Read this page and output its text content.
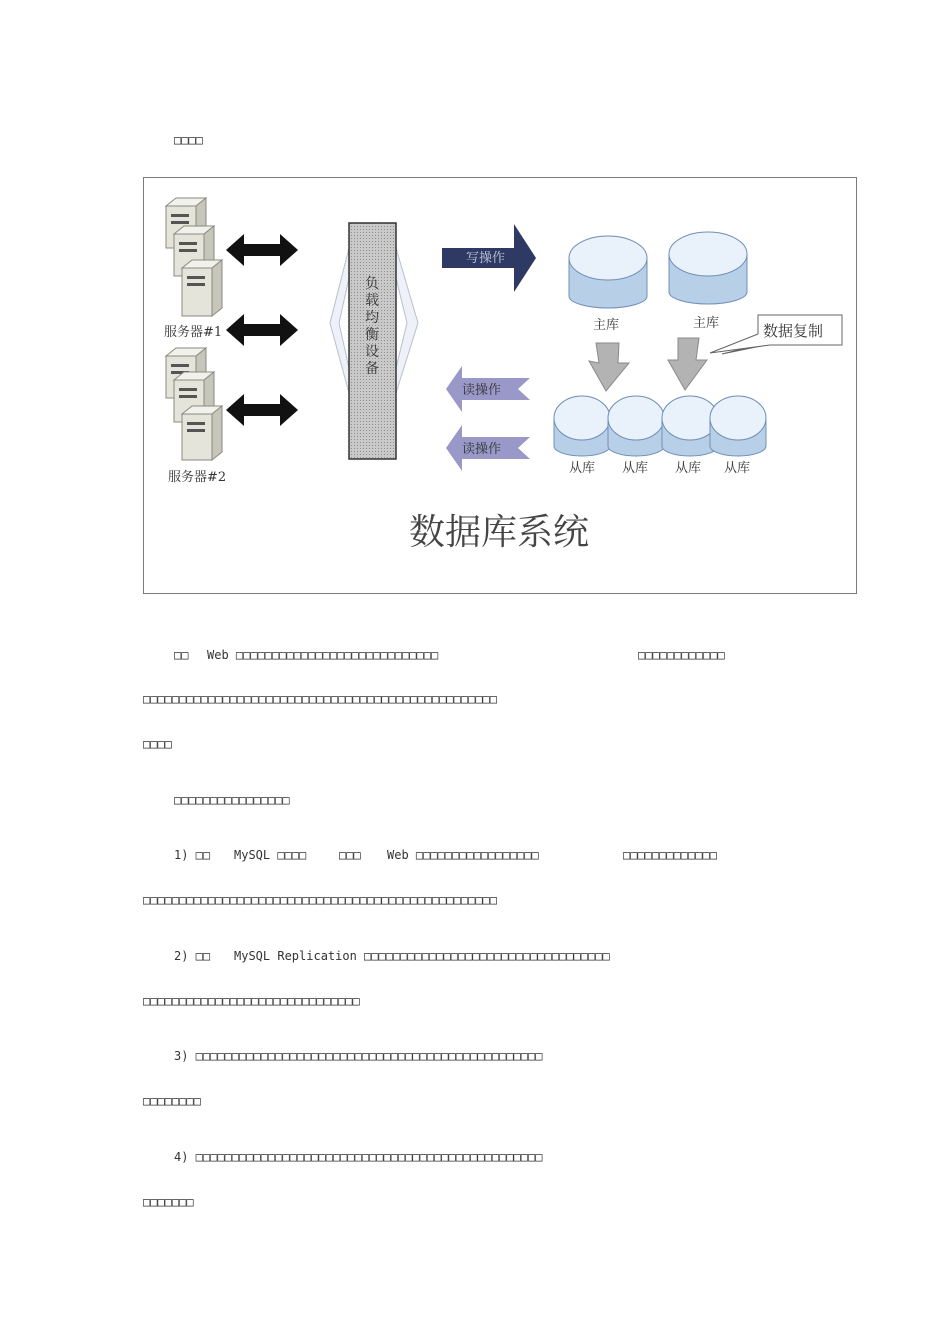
□□□□
服务器#1
服务器#2
负
载
均
衡
设
备
写操作
读操作
读操作
主库	主库	数据复制
从库 从库 从库 从库
数据库系统
□□ Web □□□□□□□□□□□□□□□□□□□□□□□□□□□□	□□□□□□□□□□□□
□□□□□□□□□□□□□□□□□□□□□□□□□□□□□□□□□□□□□□□□□□□□□□□□□
□□□□
□□□□□□□□□□□□□□□□
1) □□ MySQL □□□□	□□□ Web □□□□□□□□□□□□□□□□□	□□□□□□□□□□□□□
□□□□□□□□□□□□□□□□□□□□□□□□□□□□□□□□□□□□□□□□□□□□□□□□□
2) □□ MySQL Replication □□□□□□□□□□□□□□□□□□□□□□□□□□□□□□□□□□
□□□□□□□□□□□□□□□□□□□□□□□□□□□□□□
3) □□□□□□□□□□□□□□□□□□□□□□□□□□□□□□□□□□□□□□□□□□□□□□□□
□□□□□□□□
4) □□□□□□□□□□□□□□□□□□□□□□□□□□□□□□□□□□□□□□□□□□□□□□□□
□□□□□□□
